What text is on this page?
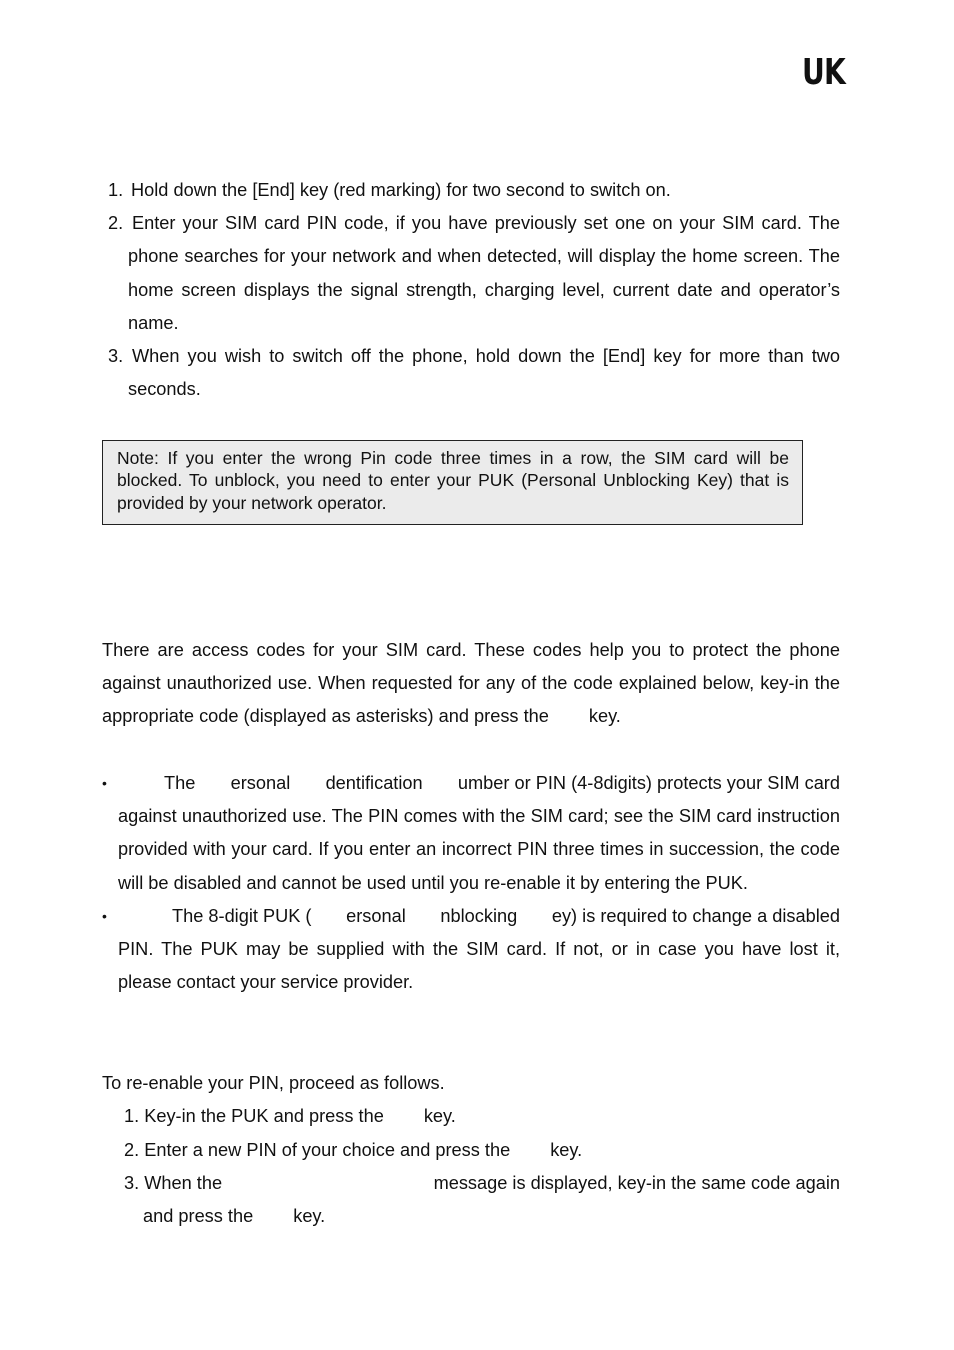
UK
1. Hold down the [End] key (red marking) for two second to switch on.
2. Enter your SIM card PIN code, if you have previously set one on your SIM card. The phone searches for your network and when detected, will display the home screen. The home screen displays the signal strength, charging level, current date and operator’s name.
3. When you wish to switch off the phone, hold down the [End] key for more than two seconds.
Note: If you enter the wrong Pin code three times in a row, the SIM card will be blocked. To unblock, you need to enter your PUK (Personal Unblocking Key) that is provided by your network operator.
There are access codes for your SIM card. These codes help you to protect the phone against unauthorized use. When requested for any of the code explained below, key-in the appropriate code (displayed as asterisks) and press the key.
•	The ersonal dentification umber or PIN (4-8digits) protects your SIM card
against unauthorized use. The PIN comes with the SIM card; see the SIM card instruction provided with your card. If you enter an incorrect PIN three times in succession, the code will be disabled and cannot be used until you re-enable it by entering the PUK.
•	The 8-digit PUK ( ersonal nblocking ey) is required to change a disabled
PIN. The PUK may be supplied with the SIM card. If not, or in case you have lost it, please contact your service provider.
To re-enable your PIN, proceed as follows.
1. Key-in the PUK and press the key.
2. Enter a new PIN of your choice and press the key.
3. When the	message is displayed, key-in the same code again
and press the key.
